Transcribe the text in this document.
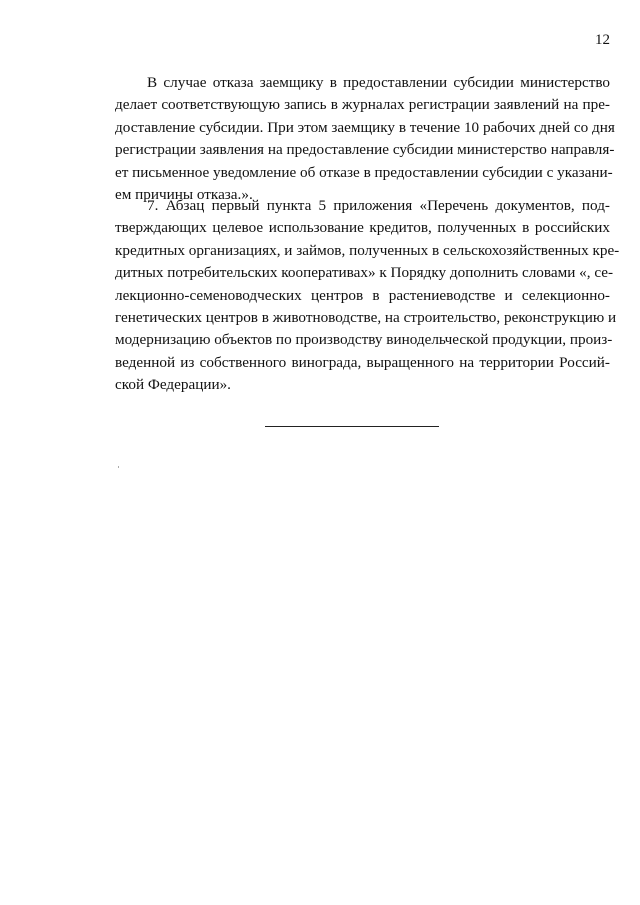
12
В случае отказа заемщику в предоставлении субсидии министерство
делает соответствующую запись в журналах регистрации заявлений на пре-
доставление субсидии. При этом заемщику в течение 10 рабочих дней со дня
регистрации заявления на предоставление субсидии министерство направля-
ет письменное уведомление об отказе в предоставлении субсидии с указани-
ем причины отказа.».
7. Абзац первый пункта 5 приложения «Перечень документов, под-
тверждающих целевое использование кредитов, полученных в российских
кредитных организациях, и займов, полученных в сельскохозяйственных кре-
дитных потребительских кооперативах» к Порядку дополнить словами «, се-
лекционно-семеноводческих центров в растениеводстве и селекционно-
генетических центров в животноводстве, на строительство, реконструкцию и
модернизацию объектов по производству винодельческой продукции, произ-
веденной из собственного винограда, выращенного на территории Россий-
ской Федерации».
